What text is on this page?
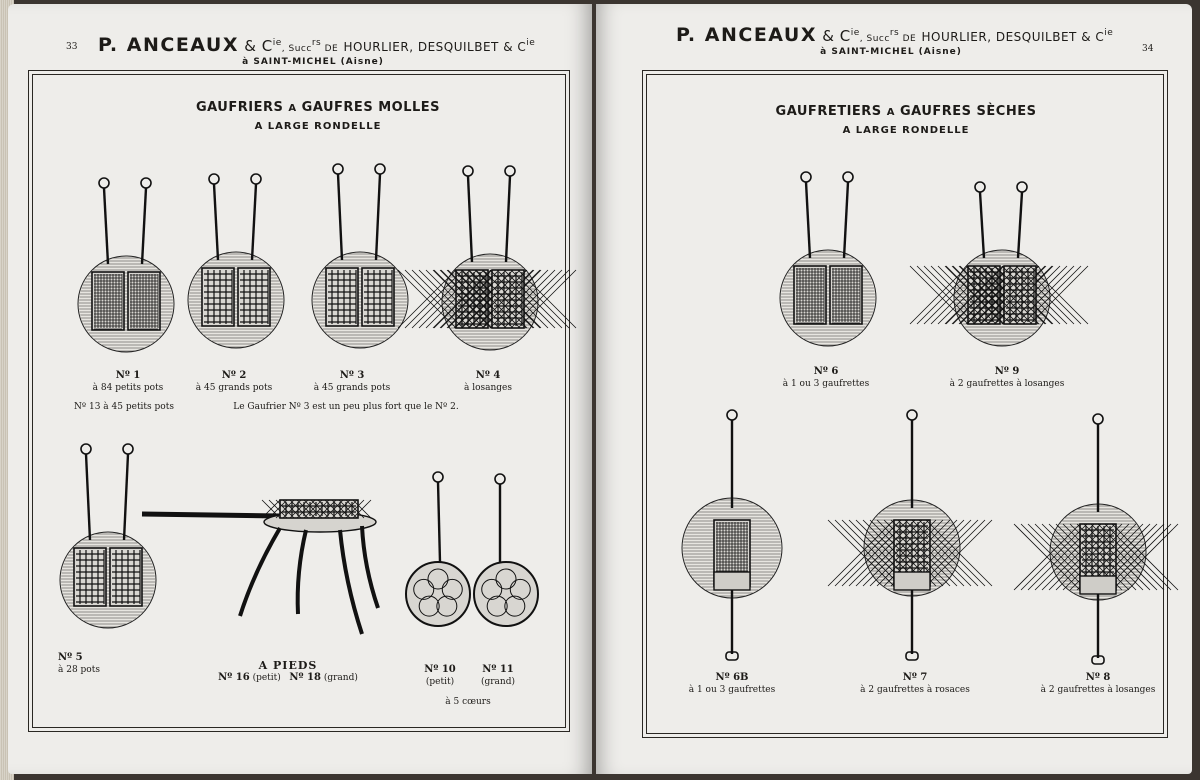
33 P. ANCEAUX & $C^{ie}$, Succ$^{rs}$ DE HOURLIER, DESQUILBET & $C^{ie}$
à SAINT-MICHEL (Aisne)
GAUFRIERS A GAUFRES MOLLES
A LARGE RONDELLE
Nº 1
à 84 petits pots
Nº 2
à 45 grands pots
Nº 3
à 45 grands pots
Nº 4
à losanges
Nº 13 à 45 petits pots	Le Gaufrier Nº 3 est un peu plus fort que le Nº 2.
Nº 5
à 28 pots	A PIEDS
Nº 16 (petit) Nº 18 (grand)
Nº 10
(petit)
Nº 11
(grand)
à 5 cœurs
P. ANCEAUX & $C^{ie}$, Succ$^{rs}$ DE HOURLIER, DESQUILBET & $C^{ie}$
à SAINT-MICHEL (Aisne)	34
GAUFRETIERS A GAUFRES SÈCHES
A LARGE RONDELLE
Nº 6
à 1 ou 3 gaufrettes
Nº 9
à 2 gaufrettes à losanges
Nº 6B
à 1 ou 3 gaufrettes
Nº 7
à 2 gaufrettes à rosaces
Nº 8
à 2 gaufrettes à losanges
